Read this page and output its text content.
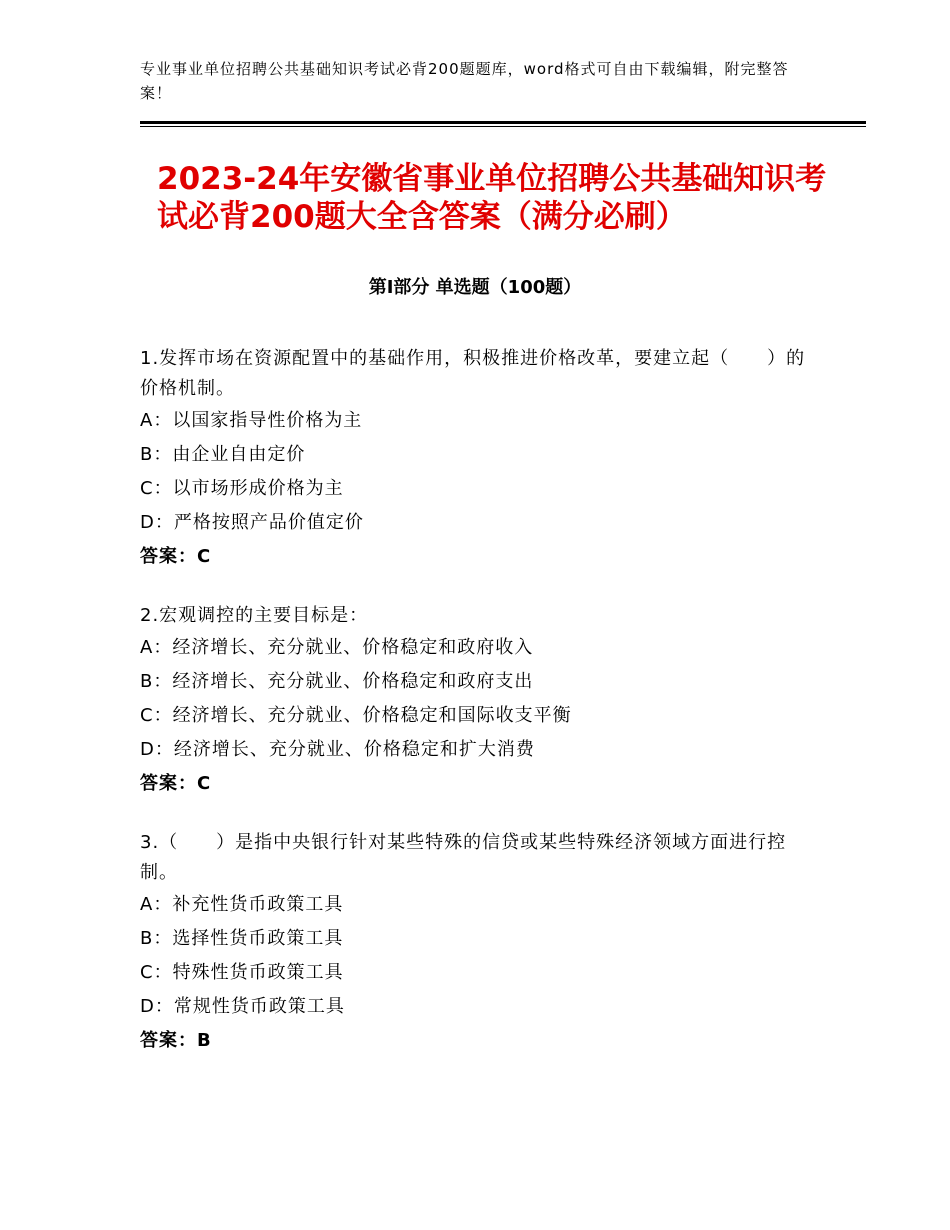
专业事业单位招聘公共基础知识考试必背200题题库，word格式可自由下载编辑，附完整答案！
2023-24年安徽省事业单位招聘公共基础知识考试必背200题大全含答案（满分必刷）
第Ⅰ部分 单选题（100题）
1.发挥市场在资源配置中的基础作用，积极推进价格改革，要建立起（　　）的价格机制。
A：以国家指导性价格为主
B：由企业自由定价
C：以市场形成价格为主
D：严格按照产品价值定价
答案：C
2.宏观调控的主要目标是：
A：经济增长、充分就业、价格稳定和政府收入
B：经济增长、充分就业、价格稳定和政府支出
C：经济增长、充分就业、价格稳定和国际收支平衡
D：经济增长、充分就业、价格稳定和扩大消费
答案：C
3.（　　）是指中央银行针对某些特殊的信贷或某些特殊经济领域方面进行控制。
A：补充性货币政策工具
B：选择性货币政策工具
C：特殊性货币政策工具
D：常规性货币政策工具
答案：B
